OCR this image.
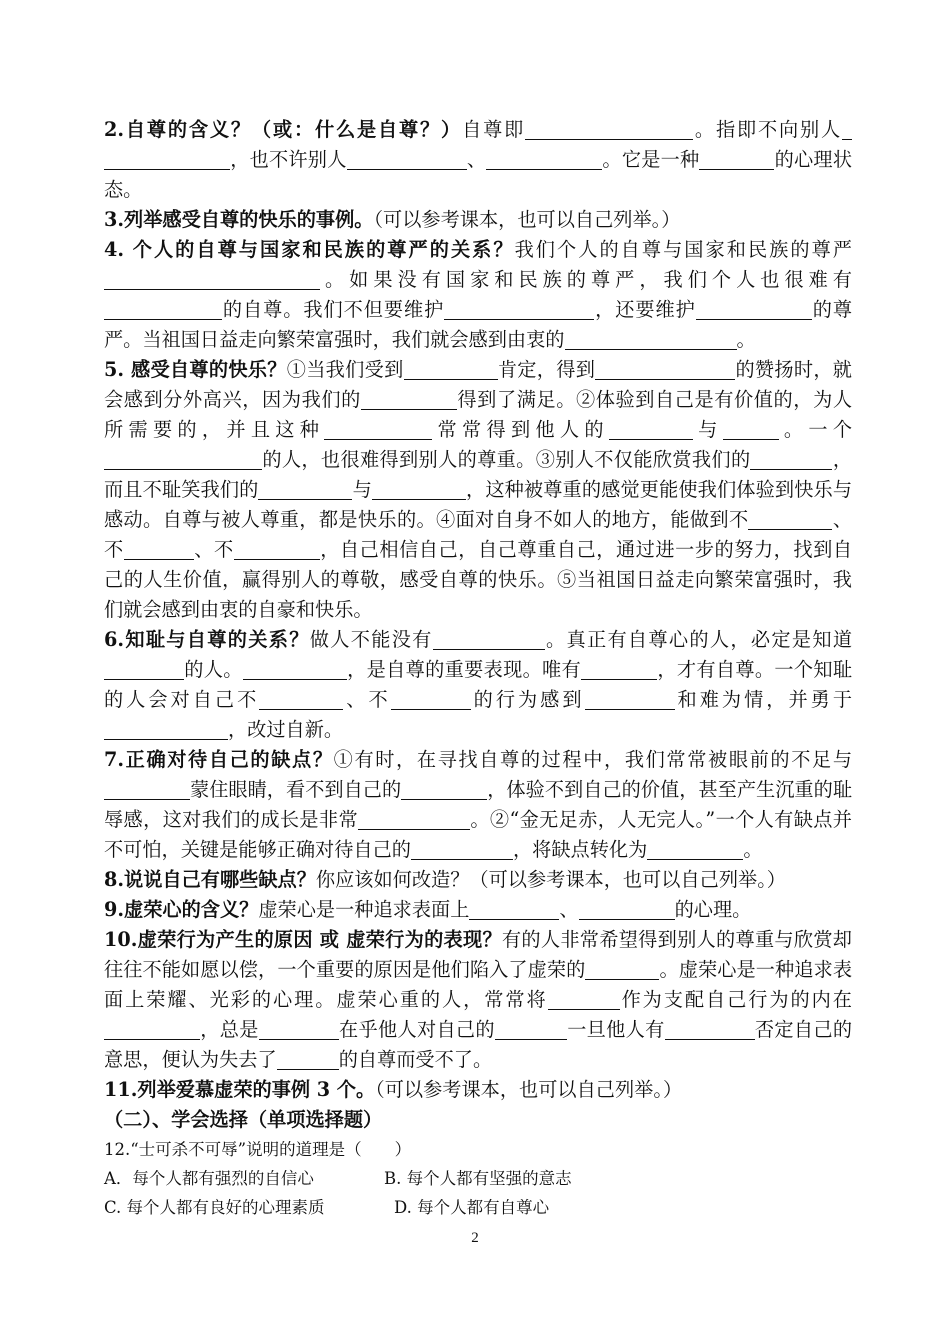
2.自尊的含义？（或：什么是自尊？）自尊即	。指即不向别人，也不许别人	、	。它是一种	的心理状态。

3.列举感受自尊的快乐的事例。（可以参考课本，也可以自己列举。）

4. 个人的自尊与国家和民族的尊严的关系？我们个人的自尊与国家和民族的尊严。如果没有国家和民族的尊严，我们个人也很难有的自尊。我们不但要维护	，还要维护	的尊严。当祖国日益走向繁荣富强时，我们就会感到由衷的	。

5. 感受自尊的快乐？①当我们受到	肯定，得到	的赞扬时，就会感到分外高兴，因为我们的	得到了满足。②体验到自己是有价值的，为人所需要的，并且这种	常常得到他人的	与	。一个的人，也很难得到别人的尊重。③别人不仅能欣赏我们的	，而且不耻笑我们的	与	，这种被尊重的感觉更能使我们体验到快乐与感动。自尊与被人尊重，都是快乐的。④面对自身不如人的地方，能做到不	、不	、不	，自己相信自己，自己尊重自己，通过进一步的努力，找到自己的人生价值，赢得别人的尊敬，感受自尊的快乐。⑤当祖国日益走向繁荣富强时，我们就会感到由衷的自豪和快乐。

6.知耻与自尊的关系？做人不能没有	。真正有自尊心的人，必定是知道的人。	，是自尊的重要表现。唯有	，才有自尊。一个知耻的人会对自己不	、不	的行为感到	和难为情，并勇于，改过自新。

7.正确对待自己的缺点？①有时，在寻找自尊的过程中，我们常常被眼前的不足与蒙住眼睛，看不到自己的	，体验不到自己的价值，甚至产生沉重的耻辱感，这对我们的成长是非常	。②“金无足赤，人无完人。”一个人有缺点并不可怕，关键是能够正确对待自己的	，将缺点转化为	。

8.说说自己有哪些缺点？你应该如何改造？（可以参考课本，也可以自己列举。）

9.虚荣心的含义？虚荣心是一种追求表面上	、	的心理。

10.虚荣行为产生的原因 或 虚荣行为的表现？有的人非常希望得到别人的尊重与欣赏却往往不能如愿以偿，一个重要的原因是他们陷入了虚荣的	。虚荣心是一种追求表面上荣耀、光彩的心理。虚荣心重的人，常常将	作为支配自己行为的内在，总是	在乎他人对自己的	一旦他人有	否定自己的意思，便认为失去了	的自尊而受不了。

11.列举爱慕虚荣的事例 3 个。（可以参考课本，也可以自己列举。）

（二）、学会选择（单项选择题）

12.“士可杀不可辱”说明的道理是（　　）

A．每个人都有强烈的自信心	B. 每个人都有坚强的意志

C. 每个人都有良好的心理素质	D. 每个人都有自尊心

2
